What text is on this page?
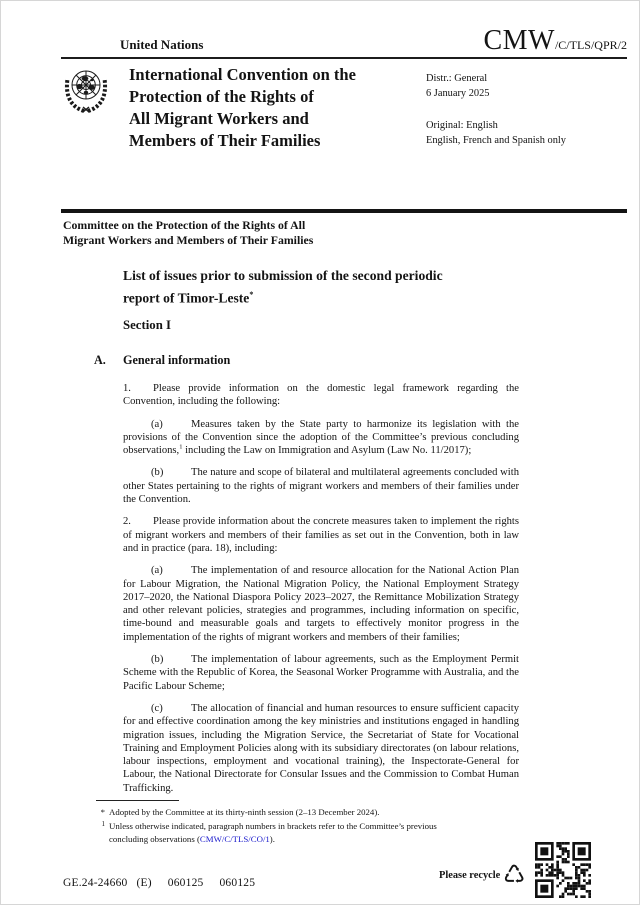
United Nations	CMW/C/TLS/QPR/2
International Convention on the
Protection of the Rights of
All Migrant Workers and
Members of Their Families
Distr.: General
6 January 2025
Original: English
English, French and Spanish only
Committee on the Protection of the Rights of All
Migrant Workers and Members of Their Families
List of issues prior to submission of the second periodic
report of Timor-Leste*
Section I
A. General information

1. Please provide information on the domestic legal framework regarding the Convention, including the following:

(a)	Measures taken by the State party to harmonize its legislation with the provisions of the Convention since the adoption of the Committee’s previous concluding observations,$^1$ including the Law on Immigration and Asylum (Law No. 11/2017);

(b)	The nature and scope of bilateral and multilateral agreements concluded with other States pertaining to the rights of migrant workers and members of their families under the Convention.

2. Please provide information about the concrete measures taken to implement the rights of migrant workers and members of their families as set out in the Convention, both in law and in practice (para. 18), including:

(a)	The implementation of and resource allocation for the National Action Plan for Labour Migration, the National Migration Policy, the National Employment Strategy 2017–2020, the National Diaspora Policy 2023–2027, the Remittance Mobilization Strategy and other relevant policies, strategies and programmes, including information on specific, time-bound and measurable goals and targets to effectively monitor progress in the implementation of the rights of migrant workers and members of their families;

(b)	The implementation of labour agreements, such as the Employment Permit Scheme with the Republic of Korea, the Seasonal Worker Programme with Australia, and the Pacific Labour Scheme;

(c)	The allocation of financial and human resources to ensure sufficient capacity for and effective coordination among the key ministries and institutions engaged in handling migration issues, including the Migration Service, the Secretariat of State for Vocational Training and Employment Policies along with its subsidiary directorates (on labour relations, labour inspections, employment and vocational training), the Inspectorate-General for Labour, the National Directorate for Consular Issues and the Commission to Combat Human Trafficking.

* Adopted by the Committee at its thirty-ninth session (2–13 December 2024).
1 Unless otherwise indicated, paragraph numbers in brackets refer to the Committee’s previous concluding observations (CMW/C/TLS/CO/1).
GE.24-24660 (E) 060125 060125
Please recycle ♺
